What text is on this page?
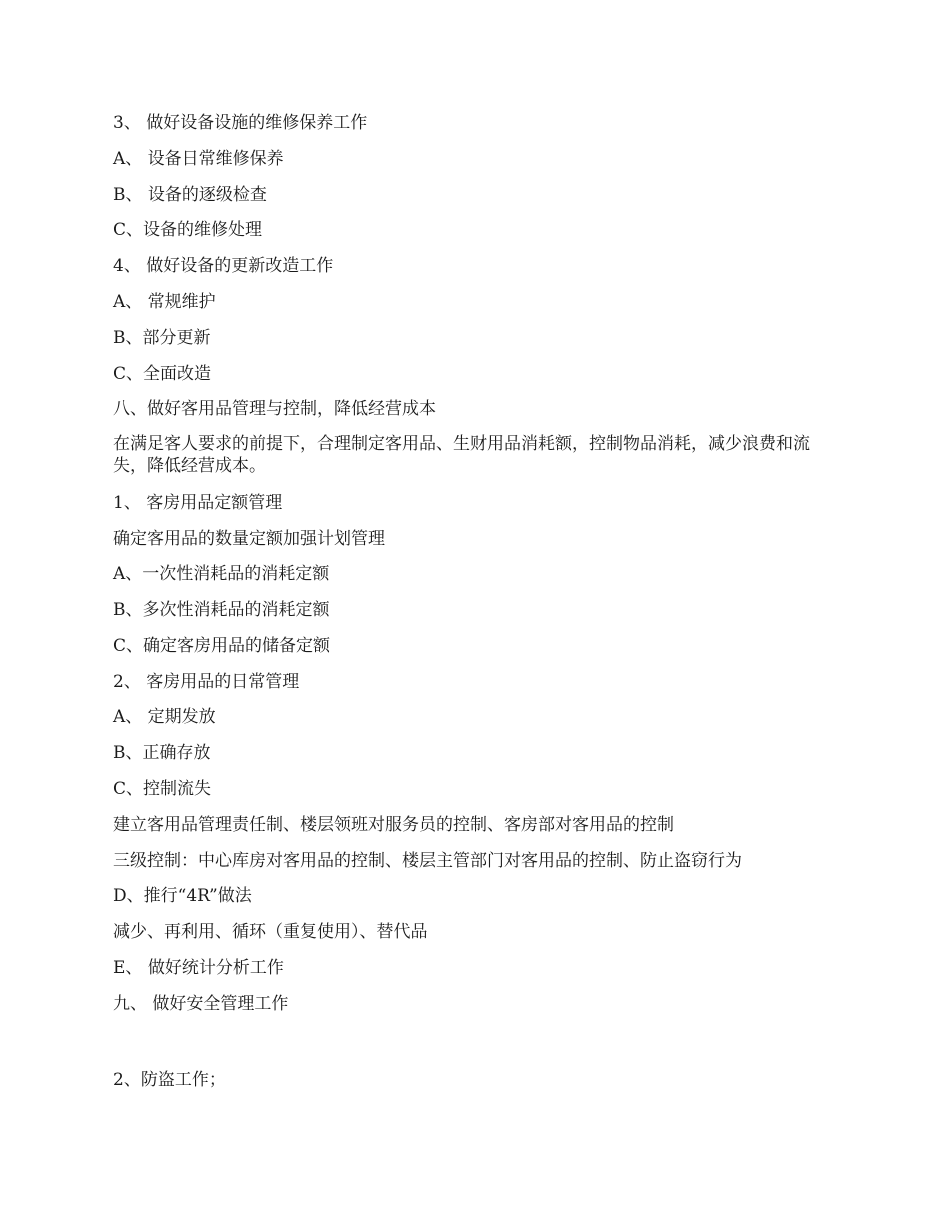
3、 做好设备设施的维修保养工作
A、 设备日常维修保养
B、 设备的逐级检查
C、设备的维修处理
4、 做好设备的更新改造工作
A、 常规维护
B、部分更新
C、全面改造
八、做好客用品管理与控制，降低经营成本
在满足客人要求的前提下，合理制定客用品、生财用品消耗额，控制物品消耗，减少浪费和流失，降低经营成本。
1、 客房用品定额管理
确定客用品的数量定额加强计划管理
A、一次性消耗品的消耗定额
B、多次性消耗品的消耗定额
C、确定客房用品的储备定额
2、 客房用品的日常管理
A、 定期发放
B、正确存放
C、控制流失
建立客用品管理责任制、楼层领班对服务员的控制、客房部对客用品的控制
三级控制：中心库房对客用品的控制、楼层主管部门对客用品的控制、防止盗窃行为
D、推行“4R”做法
减少、再利用、循环（重复使用）、替代品
E、 做好统计分析工作
九、 做好安全管理工作
2、防盗工作；
